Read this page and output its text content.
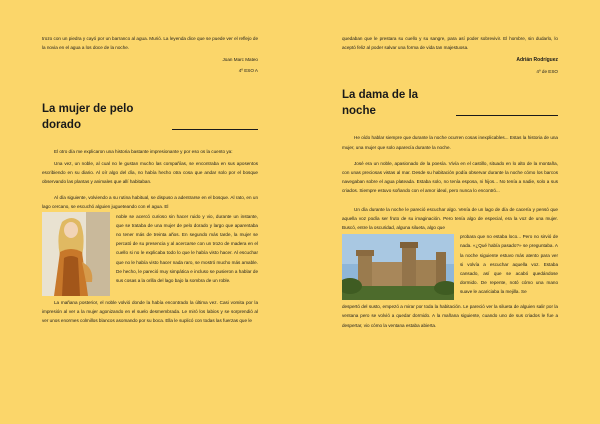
trozo con un piedra y cayó por un barranco al agua. Murió. La leyenda dice que se puede ver el reflejo de la novia en el agua a los doce de la noche.

Joan Marc Mateo

4º ESO A

La mujer de pelo dorado

El otro día me explicaron una historia bastante impresionante y por eso os la cuento ya:

Una vez, un noble, al cual no le gustan mucho las compañías, se encontraba en sus aposentos escribiendo en su diario. Al oír algo del día, no había hecho otra cosa que andar solo por el bosque observando las plantas y animales que allí habitaban.

Al día siguiente, volviendo a su rutina habitual, se dispuso a adentrarse en el bosque. Al rato, en un lago cercano, se escuchó alguien jugueteando con el agua. El

noble se acercó curioso sin hacer ruido y vio, durante un instante, que se trataba de una mujer de pelo dorado y largo que aparentaba no tener más de treinta años. En segundo más tarde, la mujer se percató de su presencia y al acercarse con un trozo de madera en el cuello si no le explicaba todo lo que le había visto hacer. Al escuchar que no le había visto hacer nada raro, se mostró mucho más amable. De hecho, le pareció muy simpática e incluso se pusieron a hablar de sus cosas a la orilla del lago bajo la sombra de un roble.

La mañana posterior, el noble volvió donde la había encontrado la última vez. Casi vomita por la impresión al ver a la mujer agonizando en el suelo desmembrada. Le miró los labios y se sorprendió al ver unos enormes colmillos blancos asomando por su boca. Ella le suplicó con todas las fuerzas que le

quedaban que le prestara su cuello y su sangre, para así poder sobrevivir. El hombre, sin dudarlo, lo aceptó feliz al poder salvar una forma de vida tan majestuosa.

Adrián Rodríguez

4º de ESO

La dama de la noche

He oído hablar siempre que durante la noche ocurren cosas inexplicables... Estas la historia de una mujer, una mujer que solo aparecía durante la noche.

José era un noble, apasionado de la poesía. Vivía en el castillo, situado en lo alto de la montaña, con unas preciosas vistas al mar. Desde su habitación podía observar durante la noche cómo los barcos navegaban sobre el agua plateada. Estaba solo, no tenía esposa, ni hijos... No tenía a nadie, solo a sus criados. Siempre estuvo soñando con el amor ideal, pero nunca lo encontró...

Un día durante la noche le pareció escuchar algo. Venía de un lago de día de cacería y pensó que aquella voz podía ser fruto de su imaginación. Pero tenía algo de especial, era la voz de una mujer. Buscó, entre la oscuridad, alguna silueta, algo que

probara que no estaba loco... Pero no sirvió de nada. «¿Qué había pasado?» se preguntaba. A la noche siguiente estuvo más atento para ver si volvía a escuchar aquella voz. Estaba cansado, así que se acabó quedándose dormido. De repente, notó cómo una mano suave le acariciaba la mejilla. Se

despertó del susto, empezó a mirar por toda la habitación. Le pareció ver la silueta de alguien salir por la ventana pero se volvió a quedar dormido. A la mañana siguiente, cuando uno de sus criados le fue a despertar, vio cómo la ventana estaba abierta.
